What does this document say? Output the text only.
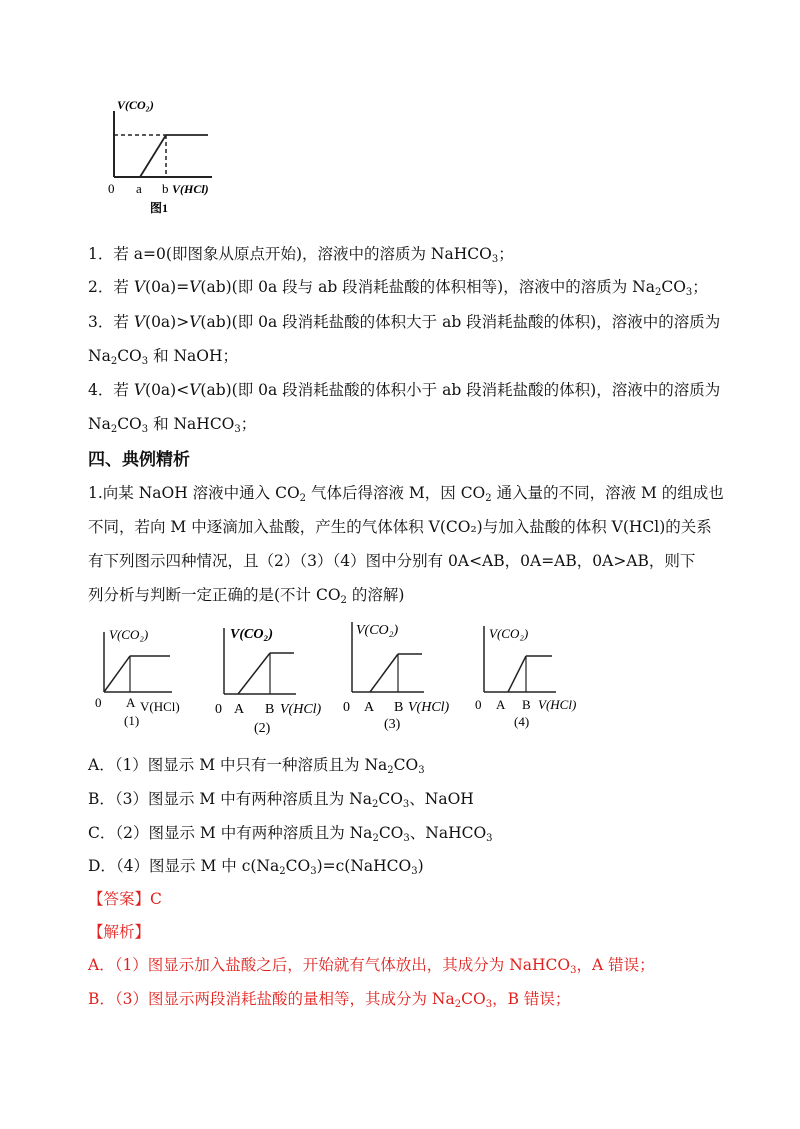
V(CO₂)
0 a b V(HCl)
图1
1．若 a=0(即图象从原点开始)，溶液中的溶质为 NaHCO$_3$；
2．若 V(0a)=V(ab)(即 0a 段与 ab 段消耗盐酸的体积相等)，溶液中的溶质为 $Na_2CO_3$；
3．若 V(0a)>V(ab)(即 0a 段消耗盐酸的体积大于 ab 段消耗盐酸的体积)，溶液中的溶质为
$Na_2CO_3$ 和 NaOH；
4．若 V(0a)<V(ab)(即 0a 段消耗盐酸的体积小于 ab 段消耗盐酸的体积)，溶液中的溶质为
$Na_2CO_3$ 和 NaHCO$_3$；
四、典例精析
1.向某 NaOH 溶液中通入 $CO_2$ 气体后得溶液 M，因 $CO_2$ 通入量的不同，溶液 M 的组成也
不同，若向 M 中逐滴加入盐酸，产生的气体体积 V(CO₂)与加入盐酸的体积 V(HCl)的关系
有下列图示四种情况，且（2）（3）（4）图中分别有 0A<AB，0A=AB，0A>AB，则下
列分析与判断一定正确的是(不计 $CO_2$ 的溶解)
V(CO₂)
0 A V(HCl)
(1)
V(CO₂)
0 A B V(HCl)
(2)
V(CO₂)
0 A B V(HCl)
(3)
V(CO₂)
0 A B V(HCl)
(4)
A．（1）图显示 M 中只有一种溶质且为 $Na_2CO_3$
B．（3）图显示 M 中有两种溶质且为 $Na_2CO_3$、NaOH
C．（2）图显示 M 中有两种溶质且为 $Na_2CO_3$、NaHCO$_3$
D．（4）图显示 M 中 $c(Na_2CO_3)=c(NaHCO_3)$
【答案】C
【解析】
A．（1）图显示加入盐酸之后，开始就有气体放出，其成分为 NaHCO$_3$，A 错误；
B．（3）图显示两段消耗盐酸的量相等，其成分为 $Na_2CO_3$，B 错误；
